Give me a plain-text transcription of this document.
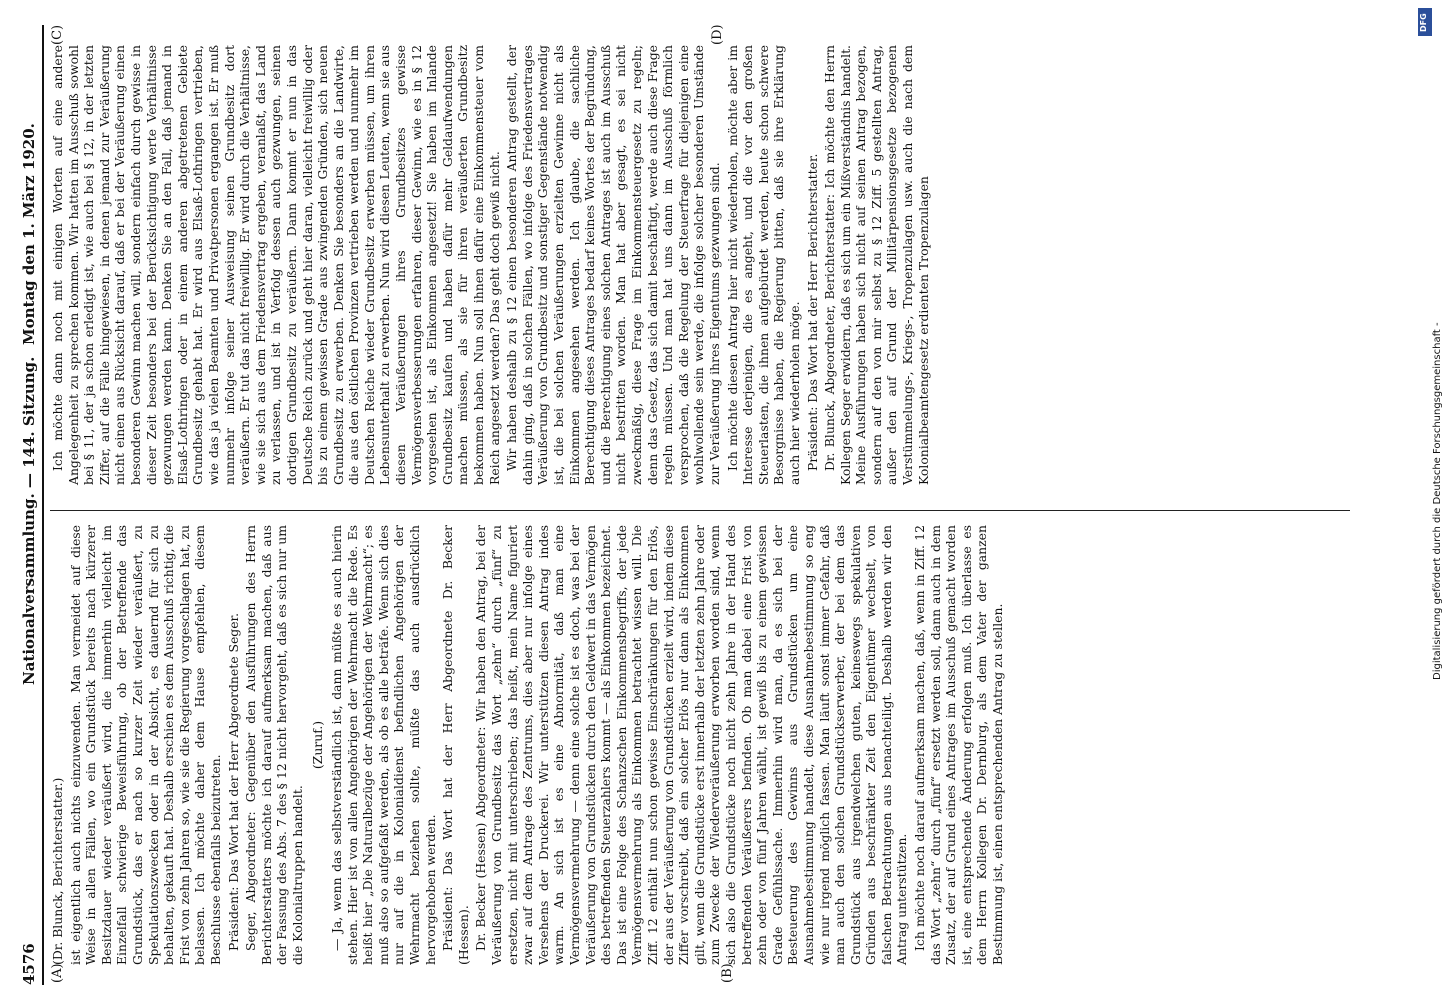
4576
Nationalversammlung. — 144. Sitzung.
Montag den 1. März 1920.

(Dr. Blunck, Berichterstatter.) ist eigentlich auch nichts einzuwenden. Man vermeidet auf diese Weise in allen Fällen, wo ein Grundstück bereits nach kürzerer Besitzdauer wieder veräußert wird, die immerhin vielleicht im Einzelfall schwierige Beweisführung, ob der Betreffende das Grundstück, das er nach so kurzer Zeit wieder veräußert, zu Spekulationszwecken oder in der Absicht, es dauernd für sich zu behalten, gekauft hat. Deshalb erschien es dem Ausschuß richtig, die Frist von zehn Jahren so, wie sie die Regierung vorgeschlagen hat, zu belassen. Ich möchte daher dem Hause empfehlen, diesem Beschlusse ebenfalls beizutreten. Präsident: Das Wort hat der Herr Abgeordnete Seger. Seger, Abgeordneter: Gegenüber den Ausführungen des Herrn Berichterstatters möchte ich darauf aufmerksam machen, daß aus der Fassung des Abs. 7 des § 12 nicht hervorgeht, daß es sich nur um die Kolonialtruppen handelt.

(Zuruf.) — Ja, wenn das selbstverständlich ist, dann müßte es auch hierin stehen. Hier ist von allen Angehörigen der Wehrmacht die Rede. Es heißt hier „Die Naturalbezüge der Angehörigen der Wehrmacht“; es muß also so aufgefaßt werden, als ob es alle beträfe. Wenn sich dies nur auf die in Kolonialdienst befindlichen Angehörigen der Wehrmacht beziehen sollte, müßte das auch ausdrücklich hervorgehoben werden. Präsident: Das Wort hat der Herr Abgeordnete Dr. Becker (Hessen). Dr. Becker (Hessen) Abgeordneter: Wir haben den Antrag, bei der Veräußerung von Grundbesitz das Wort „zehn“ durch „fünf“ zu ersetzen, nicht mit unterschrieben; das heißt, mein Name figuriert zwar auf dem Antrage des Zentrums, dies aber nur infolge eines Versehens der Druckerei. Wir unterstützen diesen Antrag indes warm. An sich ist es eine Abnormität, daß man eine Vermögensvermehrung — denn eine solche ist es doch, was bei der Veräußerung von Grundstücken durch den Geldwert in das Vermögen des betreffenden Steuerzahlers kommt — als Einkommen bezeichnet. Das ist eine Folge des Schanzschen Einkommensbegriffs, der jede Vermögensvermehrung als Einkommen betrachtet wissen will. Die Ziff. 12 enthält nun schon gewisse Einschränkungen für den Erlös, der aus der Veräußerung von Grundstücken erzielt wird, indem diese Ziffer vorschreibt, daß ein solcher Erlös nur dann als Einkommen gilt, wenn die Grundstücke erst innerhalb der letzten zehn Jahre oder zum Zwecke der Wiederveräußerung erworben worden sind, wenn sich also die Grundstücke noch nicht zehn Jahre in der Hand des betreffenden Veräußerers befinden. Ob man dabei eine Frist von zehn oder von fünf Jahren wählt, ist gewiß bis zu einem gewissen Grade Gefühlssache. Immerhin wird man, da es sich bei der Besteuerung des Gewinns aus Grundstücken um eine Ausnahmebestimmung handelt, diese Ausnahmebestimmung so eng wie nur irgend möglich fassen. Man läuft sonst immer Gefahr, daß man auch den solchen Grundstückserwerber, der bei dem das Grundstück aus irgendwelchen guten, keineswegs spekulativen Gründen aus beschränkter Zeit den Eigentümer wechselt, von falschen Betrachtungen aus benachteiligt. Deshalb werden wir den Antrag unterstützen. Ich möchte noch darauf aufmerksam machen, daß, wenn in Ziff. 12 das Wort „zehn“ durch „fünf“ ersetzt werden soll, dann auch in dem Zusatz, der auf Grund eines Antrages im Ausschuß gemacht worden ist, eine entsprechende Änderung erfolgen muß. Ich überlasse es dem Herrn Kollegen Dr. Dernburg, als dem Vater der ganzen Bestimmung ist, einen entsprechenden Antrag zu stellen.

Ich möchte dann noch mit einigen Worten auf eine andere Angelegenheit zu sprechen kommen. Wir hatten im Ausschuß sowohl bei § 11, der ja schon erledigt ist, wie auch bei § 12, in der letzten Ziffer, auf die Fälle hingewiesen, in denen jemand zur Veräußerung nicht einen aus Rücksicht darauf, daß er bei der Veräußerung einen besonderen Gewinn machen will, sondern einfach durch gewisse in dieser Zeit besonders bei der Berücksichtigung werte Verhältnisse gezwungen werden kann. Denken Sie an den Fall, daß jemand in Elsaß-Lothringen oder in einem anderen abgetretenen Gebiete Grundbesitz gehabt hat. Er wird aus Elsaß-Lothringen vertrieben, wie das ja vielen Beamten und Privatpersonen ergangen ist. Er muß nunmehr infolge seiner Ausweisung seinen Grundbesitz dort veräußern. Er tut das nicht freiwillig. Er wird durch die Verhältnisse, wie sie sich aus dem Friedensvertrag ergeben, veranlaßt, das Land zu verlassen, und ist in Verfolg dessen auch gezwungen, seinen dortigen Grundbesitz zu veräußern. Dann kommt er nun in das Deutsche Reich zurück und geht hier daran, vielleicht freiwillig oder bis zu einem gewissen Grade aus zwingenden Gründen, sich neuen Grundbesitz zu erwerben. Denken Sie besonders an die Landwirte, die aus den östlichen Provinzen vertrieben werden und nunmehr im Deutschen Reiche wieder Grundbesitz erwerben müssen, um ihren Lebensunterhalt zu erwerben. Nun wird diesen Leuten, wenn sie aus diesen Veräußerungen ihres Grundbesitzes gewisse Vermögensverbesserungen erfahren, dieser Gewinn, wie es in § 12 vorgesehen ist, als Einkommen angesetzt! Sie haben im Inlande Grundbesitz kaufen und haben dafür mehr Geldaufwendungen machen müssen, als sie für ihren veräußerten Grundbesitz bekommen haben. Nun soll ihnen dafür eine Einkommensteuer vom Reich angesetzt werden? Das geht doch gewiß nicht. Wir haben deshalb zu § 12 einen besonderen Antrag gestellt, der dahin ging, daß in solchen Fällen, wo infolge des Friedensvertrages Veräußerung von Grundbesitz und sonstiger Gegenstände notwendig ist, die bei solchen Veräußerungen erzielten Gewinne nicht als Einkommen angesehen werden. Ich glaube, die sachliche Berechtigung dieses Antrages bedarf keines Wortes der Begründung, und die Berechtigung eines solchen Antrages ist auch im Ausschuß nicht bestritten worden. Man hat aber gesagt, es sei nicht zweckmäßig, diese Frage im Einkommensteuergesetz zu regeln; denn das Gesetz, das sich damit beschäftigt, werde auch diese Frage regeln müssen. Und man hat uns dann im Ausschuß förmlich versprochen, daß die Regelung der Steuerfrage für diejenigen eine wohlwollende sein werde, die infolge solcher besonderen Umstände zur Veräußerung ihres Eigentums gezwungen sind. Ich möchte diesen Antrag hier nicht wiederholen, möchte aber im Interesse derjenigen, die es angeht, und die vor den großen Steuerlasten, die ihnen aufgebürdet werden, heute schon schwere Besorgnisse haben, die Regierung bitten, daß sie ihre Erklärung auch hier wiederholen möge. Präsident: Das Wort hat der Herr Berichterstatter. Dr. Blunck, Abgeordneter, Berichterstatter: Ich möchte den Herrn Kollegen Seger erwidern, daß es sich um ein Mißverständnis handelt. Meine Ausführungen haben sich nicht auf seinen Antrag bezogen, sondern auf den von mir selbst zu § 12 Ziff. 5 gestellten Antrag, außer den auf Grund der Militärpensionsgesetze bezogenen Verstümmelungs-, Kriegs-, Tropenzulagen usw. auch die nach dem Kolonialbeamtengesetz erdienten Tropenzulagen

(A)	(B)
(C)	(D)
DFG
Digitalisierung gefördert durch die Deutsche Forschungsgemeinschaft -
